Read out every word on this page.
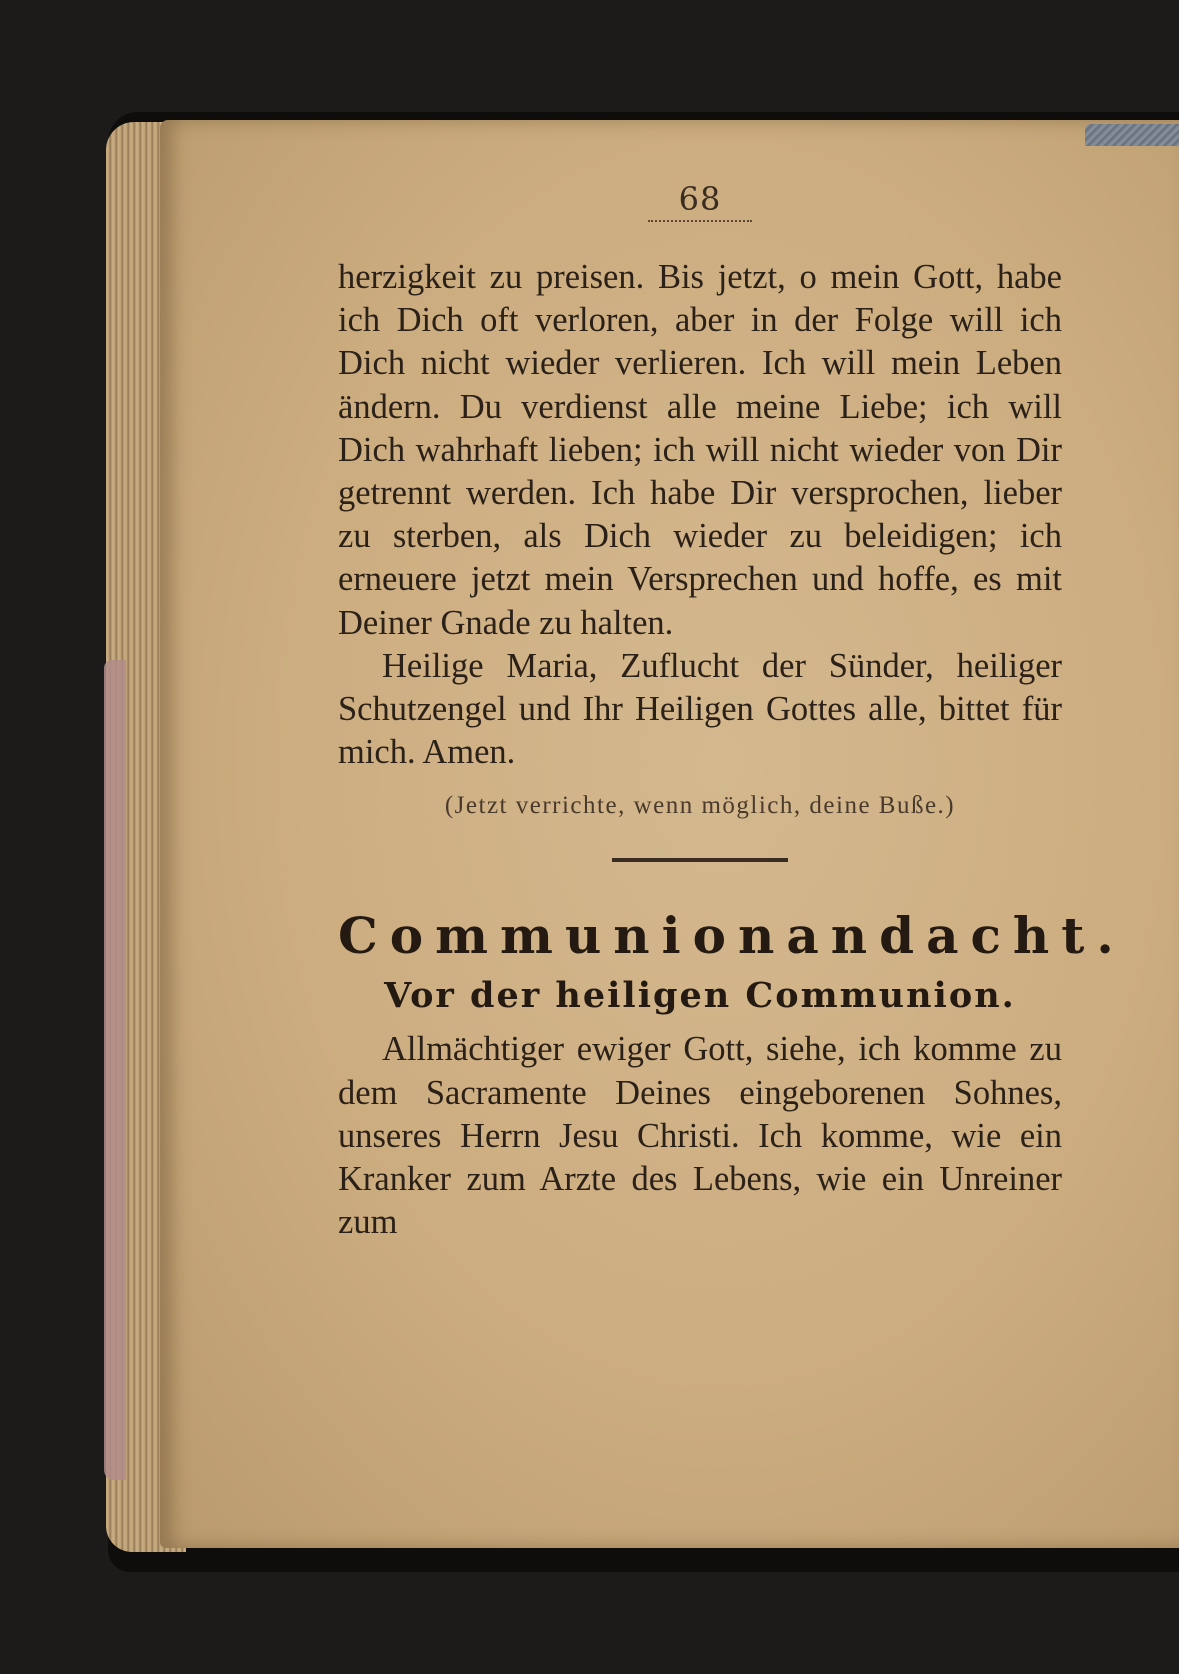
68

herzigkeit zu preisen. Bis jetzt, o mein Gott, habe ich Dich oft verloren, aber in der Folge will ich Dich nicht wieder verlieren. Ich will mein Leben ändern. Du verdienst alle meine Liebe; ich will Dich wahrhaft lieben; ich will nicht wieder von Dir getrennt werden. Ich habe Dir versprochen, lieber zu sterben, als Dich wieder zu beleidigen; ich erneuere jetzt mein Versprechen und hoffe, es mit Deiner Gnade zu halten.

Heilige Maria, Zuflucht der Sünder, heiliger Schutzengel und Ihr Heiligen Gottes alle, bittet für mich. Amen.

(Jetzt verrichte, wenn möglich, deine Buße.)

Communionandacht.
Vor der heiligen Communion.

Allmächtiger ewiger Gott, siehe, ich komme zu dem Sacramente Deines eingeborenen Sohnes, unseres Herrn Jesu Christi. Ich komme, wie ein Kranker zum Arzte des Lebens, wie ein Unreiner zum
